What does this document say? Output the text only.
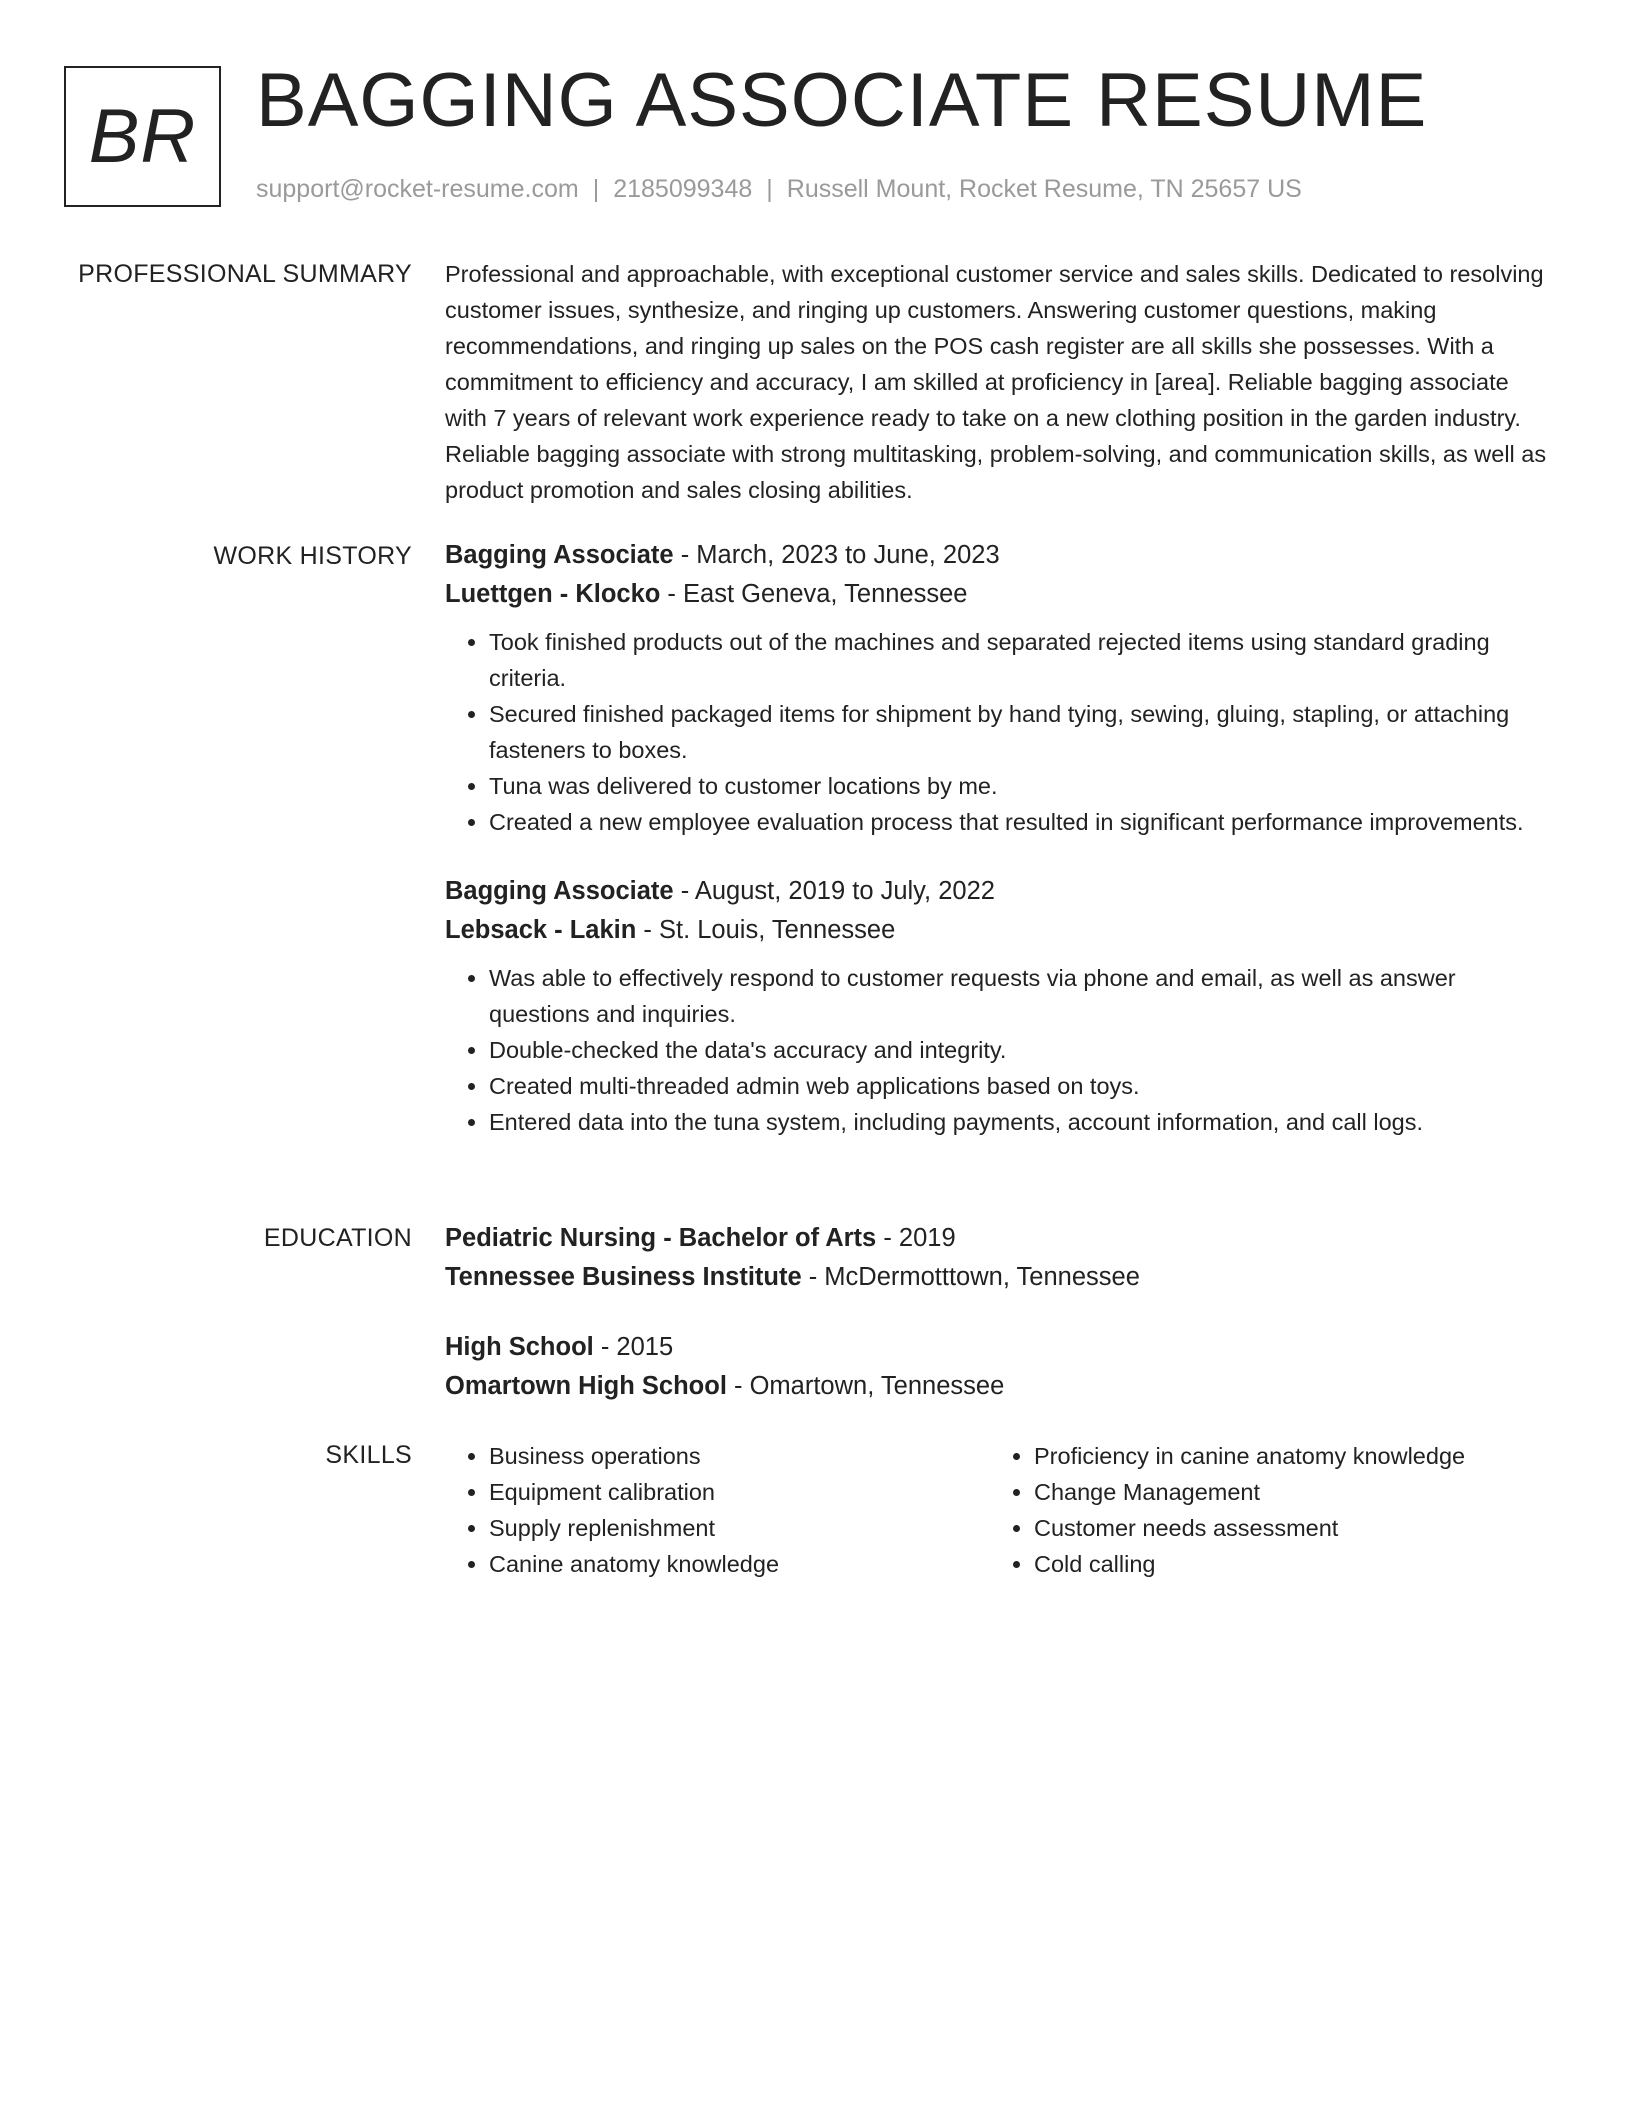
BR BAGGING ASSOCIATE RESUME
support@rocket-resume.com | 2185099348 | Russell Mount, Rocket Resume, TN 25657 US
PROFESSIONAL SUMMARY Professional and approachable, with exceptional customer service and sales skills. Dedicated to resolving customer issues, synthesize, and ringing up customers. Answering customer questions, making recommendations, and ringing up sales on the POS cash register are all skills she possesses. With a commitment to efficiency and accuracy, I am skilled at proficiency in [area]. Reliable bagging associate with 7 years of relevant work experience ready to take on a new clothing position in the garden industry. Reliable bagging associate with strong multitasking, problem-solving, and communication skills, as well as product promotion and sales closing abilities.

WORK HISTORY Bagging Associate - March, 2023 to June, 2023
Luettgen - Klocko - East Geneva, Tennessee
• Took finished products out of the machines and separated rejected items using standard grading criteria.
• Secured finished packaged items for shipment by hand tying, sewing, gluing, stapling, or attaching fasteners to boxes.
• Tuna was delivered to customer locations by me.
• Created a new employee evaluation process that resulted in significant performance improvements.
Bagging Associate - August, 2019 to July, 2022
Lebsack - Lakin - St. Louis, Tennessee
• Was able to effectively respond to customer requests via phone and email, as well as answer questions and inquiries.
• Double-checked the data's accuracy and integrity.
• Created multi-threaded admin web applications based on toys.
• Entered data into the tuna system, including payments, account information, and call logs.
EDUCATION Pediatric Nursing - Bachelor of Arts - 2019
Tennessee Business Institute - McDermotttown, Tennessee
High School - 2015
Omartown High School - Omartown, Tennessee
SKILLS
•	Business operations
• Equipment calibration
• Supply replenishment
• Canine anatomy knowledge
• Proficiency in canine anatomy knowledge
• Change Management
• Customer needs assessment
• Cold calling
